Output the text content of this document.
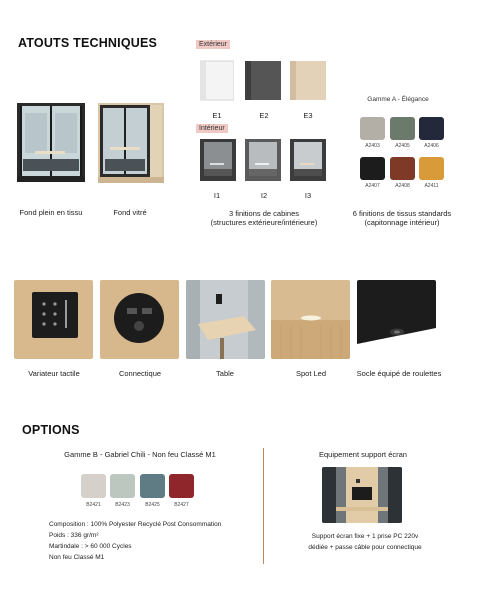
ATOUTS TECHNIQUES
Fond plein en tissu	Fond vitré
Extérieur
E1	E2	E3
Intérieur
I1	I2	I3
3 finitions de cabines
(structures extérieure/intérieure)
Gamme A - Élégance
A2403	A2405	A2406
A2407	A2408	A2411
6 finitions de tissus standards
(capitonnage intérieur)
Variateur tactile	Connectique	Table	Spot Led	Socle équipé de roulettes
OPTIONS
Gamme B - Gabriel Chili - Non feu Classé M1
B2421	B2423	B2425	B2427
Composition : 100% Polyester Recyclé Post Consommation
Poids : 336 gr/m²
Martindale : > 60 000 Cycles
Non feu Classé M1
Equipement support écran
Support écran fixe + 1 prise PC 220v
dédiée + passe câble pour connectique
